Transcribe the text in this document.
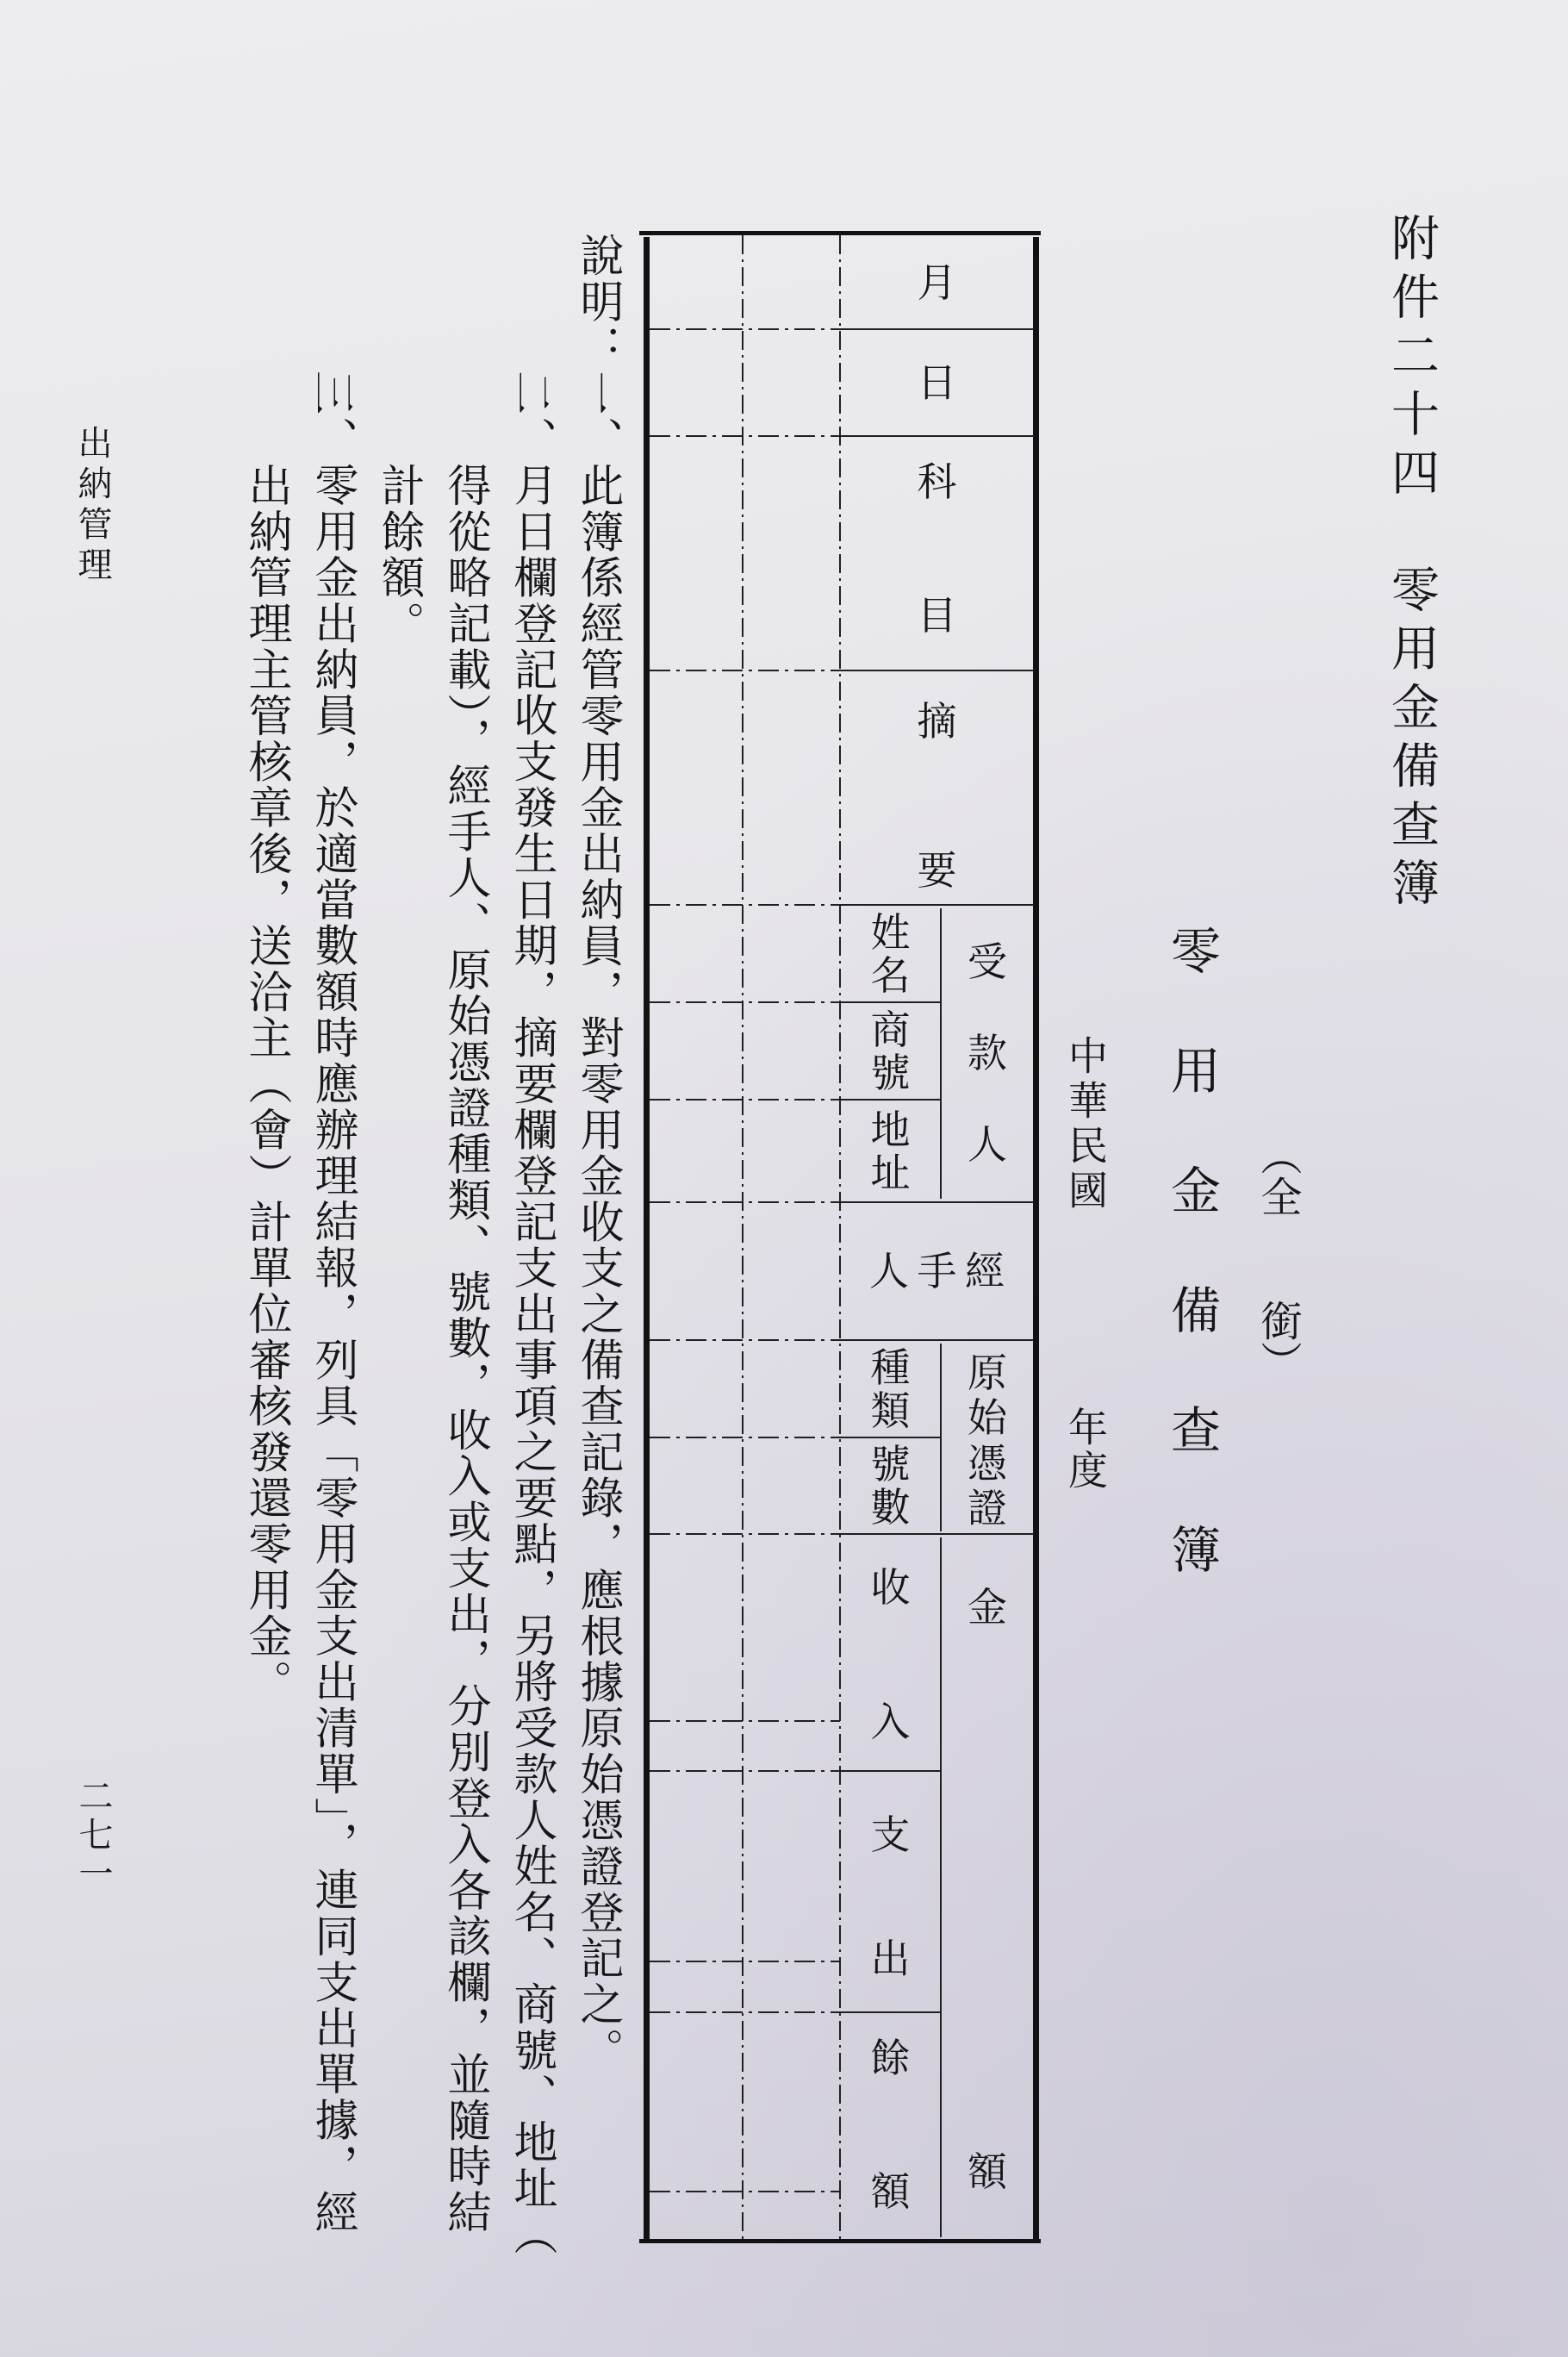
附件二十四零用金備查簿
（全　　銜）
零用金備查簿
中華民國
年度
月
日
科
目
摘
要
受
款
人
姓
名
商
號
地
址
經
手
人
原
始
憑
證
種
類
號
數
金
額
收
入
支
出
餘
額
說明：一、此簿係經管零用金出納員，對零用金收支之備查記錄，應根據原始憑證登記之。
二、月日欄登記收支發生日期，摘要欄登記支出事項之要點，另將受款人姓名、商號、地址（
得從略記載），經手人、原始憑證種類、號數，收入或支出，分別登入各該欄，並隨時結
計餘額。
三、零用金出納員，於適當數額時應辦理結報，列具「零用金支出清單」，連同支出單據，經
出納管理主管核章後，送洽主（會）計單位審核發還零用金。
出納管理
二七一
